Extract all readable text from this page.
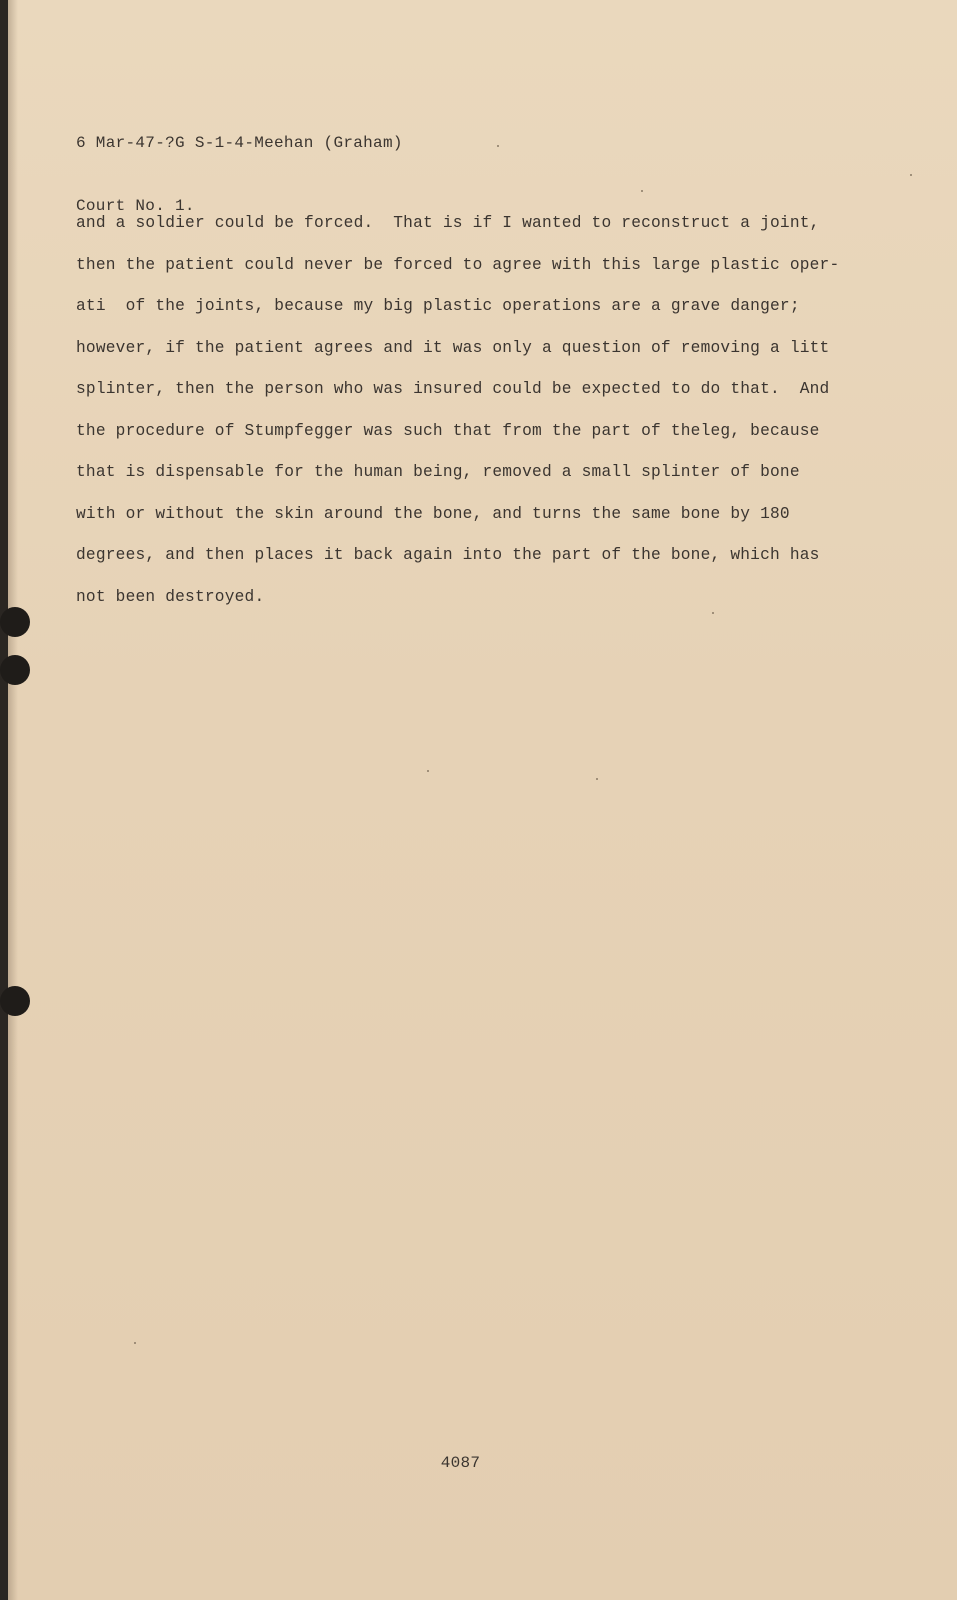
6 Mar-47-?G S-1-4-Meehan (Graham)

Court No. 1.

and a soldier could be forced.  That is if I wanted to reconstruct a joint,
then the patient could never be forced to agree with this large plastic oper-
ati  of the joints, because my big plastic operations are a grave danger;
however, if the patient agrees and it was only a question of removing a litt
splinter, then the person who was insured could be expected to do that.  And
the procedure of Stumpfegger was such that from the part of theleg, because
that is dispensable for the human being, removed a small splinter of bone
with or without the skin around the bone, and turns the same bone by 180
degrees, and then places it back again into the part of the bone, which has
not been destroyed.
4087
